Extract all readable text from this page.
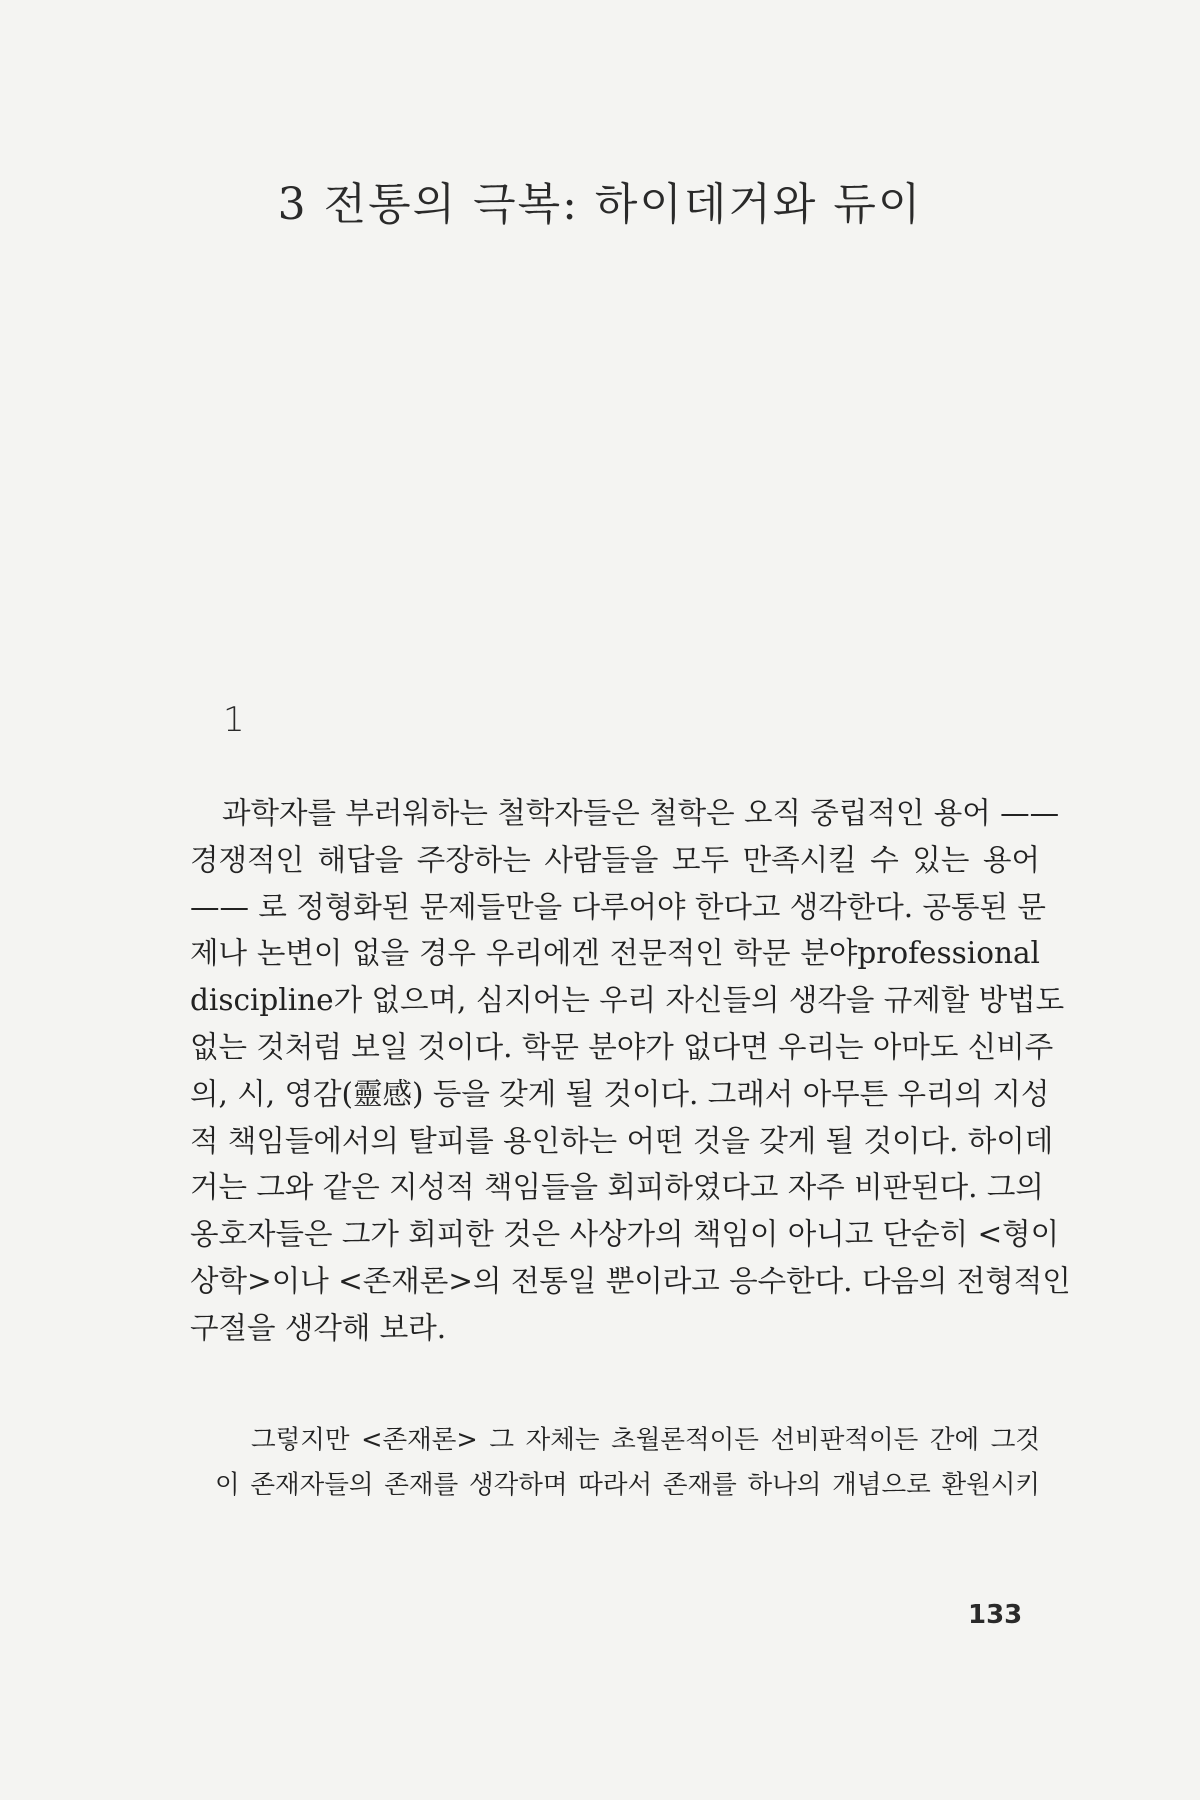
3 전통의 극복: 하이데거와 듀이
1
과학자를 부러워하는 철학자들은 철학은 오직 중립적인 용어 ——
경쟁적인 해답을 주장하는 사람들을 모두 만족시킬 수 있는 용어
—— 로 정형화된 문제들만을 다루어야 한다고 생각한다. 공통된 문
제나 논변이 없을 경우 우리에겐 전문적인 학문 분야professional
discipline가 없으며, 심지어는 우리 자신들의 생각을 규제할 방법도
없는 것처럼 보일 것이다. 학문 분야가 없다면 우리는 아마도 신비주
의, 시, 영감(靈感) 등을 갖게 될 것이다. 그래서 아무튼 우리의 지성
적 책임들에서의 탈피를 용인하는 어떤 것을 갖게 될 것이다. 하이데
거는 그와 같은 지성적 책임들을 회피하였다고 자주 비판된다. 그의
옹호자들은 그가 회피한 것은 사상가의 책임이 아니고 단순히 <형이
상학>이나 <존재론>의 전통일 뿐이라고 응수한다. 다음의 전형적인
구절을 생각해 보라.
그렇지만 <존재론> 그 자체는 초월론적이든 선비판적이든 간에 그것
이 존재자들의 존재를 생각하며 따라서 존재를 하나의 개념으로 환원시키
133
